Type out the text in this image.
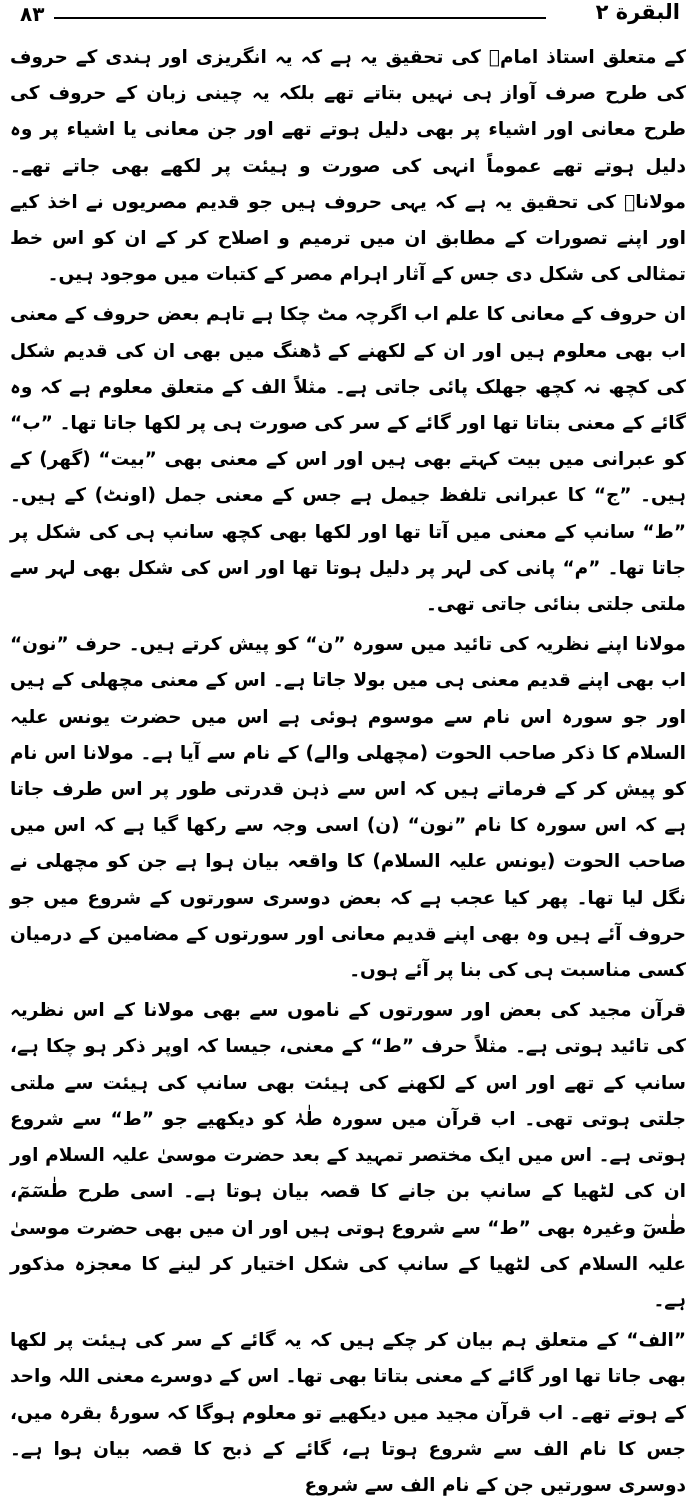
٨٣	البقرة ٢

کے متعلق استاذ امامؒ کی تحقیق یہ ہے کہ یہ انگریزی اور ہندی کے حروف کی طرح صرف آواز ہی نہیں بتاتے تھے بلکہ یہ چینی زبان کے حروف کی طرح معانی اور اشیاء پر بھی دلیل ہوتے تھے اور جن معانی یا اشیاء پر وہ دلیل ہوتے تھے عموماً انہی کی صورت و ہیئت پر لکھے بھی جاتے تھے۔ مولاناؒ کی تحقیق یہ ہے کہ یہی حروف ہیں جو قدیم مصریوں نے اخذ کیے اور اپنے تصورات کے مطابق ان میں ترمیم و اصلاح کر کے ان کو اس خط تمثالی کی شکل دی جس کے آثار اہرام مصر کے کتبات میں موجود ہیں۔

ان حروف کے معانی کا علم اب اگرچہ مٹ چکا ہے تاہم بعض حروف کے معنی اب بھی معلوم ہیں اور ان کے لکھنے کے ڈھنگ میں بھی ان کی قدیم شکل کی کچھ نہ کچھ جھلک پائی جاتی ہے۔ مثلاً الف کے متعلق معلوم ہے کہ وہ گائے کے معنی بتاتا تھا اور گائے کے سر کی صورت ہی پر لکھا جاتا تھا۔ ”ب“ کو عبرانی میں بیت کہتے بھی ہیں اور اس کے معنی بھی ”بیت“ (گھر) کے ہیں۔ ”ج“ کا عبرانی تلفظ جیمل ہے جس کے معنی جمل (اونٹ) کے ہیں۔ ”ط“ سانپ کے معنی میں آتا تھا اور لکھا بھی کچھ سانپ ہی کی شکل پر جاتا تھا۔ ”م“ پانی کی لہر پر دلیل ہوتا تھا اور اس کی شکل بھی لہر سے ملتی جلتی بنائی جاتی تھی۔

مولانا اپنے نظریہ کی تائید میں سورہ ”ن“ کو پیش کرتے ہیں۔ حرف ”نون“ اب بھی اپنے قدیم معنی ہی میں بولا جاتا ہے۔ اس کے معنی مچھلی کے ہیں اور جو سورہ اس نام سے موسوم ہوئی ہے اس میں حضرت یونس علیہ السلام کا ذکر صاحب الحوت (مچھلی والے) کے نام سے آیا ہے۔ مولانا اس نام کو پیش کر کے فرماتے ہیں کہ اس سے ذہن قدرتی طور پر اس طرف جاتا ہے کہ اس سورہ کا نام ”نون“ (ن) اسی وجہ سے رکھا گیا ہے کہ اس میں صاحب الحوت (یونس علیہ السلام) کا واقعہ بیان ہوا ہے جن کو مچھلی نے نگل لیا تھا۔ پھر کیا عجب ہے کہ بعض دوسری سورتوں کے شروع میں جو حروف آئے ہیں وہ بھی اپنے قدیم معانی اور سورتوں کے مضامین کے درمیان کسی مناسبت ہی کی بنا پر آئے ہوں۔

قرآن مجید کی بعض اور سورتوں کے ناموں سے بھی مولانا کے اس نظریہ کی تائید ہوتی ہے۔ مثلاً حرف ”ط“ کے معنی، جیسا کہ اوپر ذکر ہو چکا ہے، سانپ کے تھے اور اس کے لکھنے کی ہیئت بھی سانپ کی ہیئت سے ملتی جلتی ہوتی تھی۔ اب قرآن میں سورہ طٰہٰ کو دیکھیے جو ”ط“ سے شروع ہوتی ہے۔ اس میں ایک مختصر تمہید کے بعد حضرت موسیٰ علیہ السلام اور ان کی لٹھیا کے سانپ بن جانے کا قصہ بیان ہوتا ہے۔ اسی طرح طٰسٓمٓ، طٰسٓ وغیرہ بھی ”ط“ سے شروع ہوتی ہیں اور ان میں بھی حضرت موسیٰ علیہ السلام کی لٹھیا کے سانپ کی شکل اختیار کر لینے کا معجزہ مذکور ہے۔

”الف“ کے متعلق ہم بیان کر چکے ہیں کہ یہ گائے کے سر کی ہیئت پر لکھا بھی جاتا تھا اور گائے کے معنی بتاتا بھی تھا۔ اس کے دوسرے معنی اللہ واحد کے ہوتے تھے۔ اب قرآن مجید میں دیکھیے تو معلوم ہوگا کہ سورۂ بقرہ میں، جس کا نام الف سے شروع ہوتا ہے، گائے کے ذبح کا قصہ بیان ہوا ہے۔ دوسری سورتیں جن کے نام الف سے شروع
